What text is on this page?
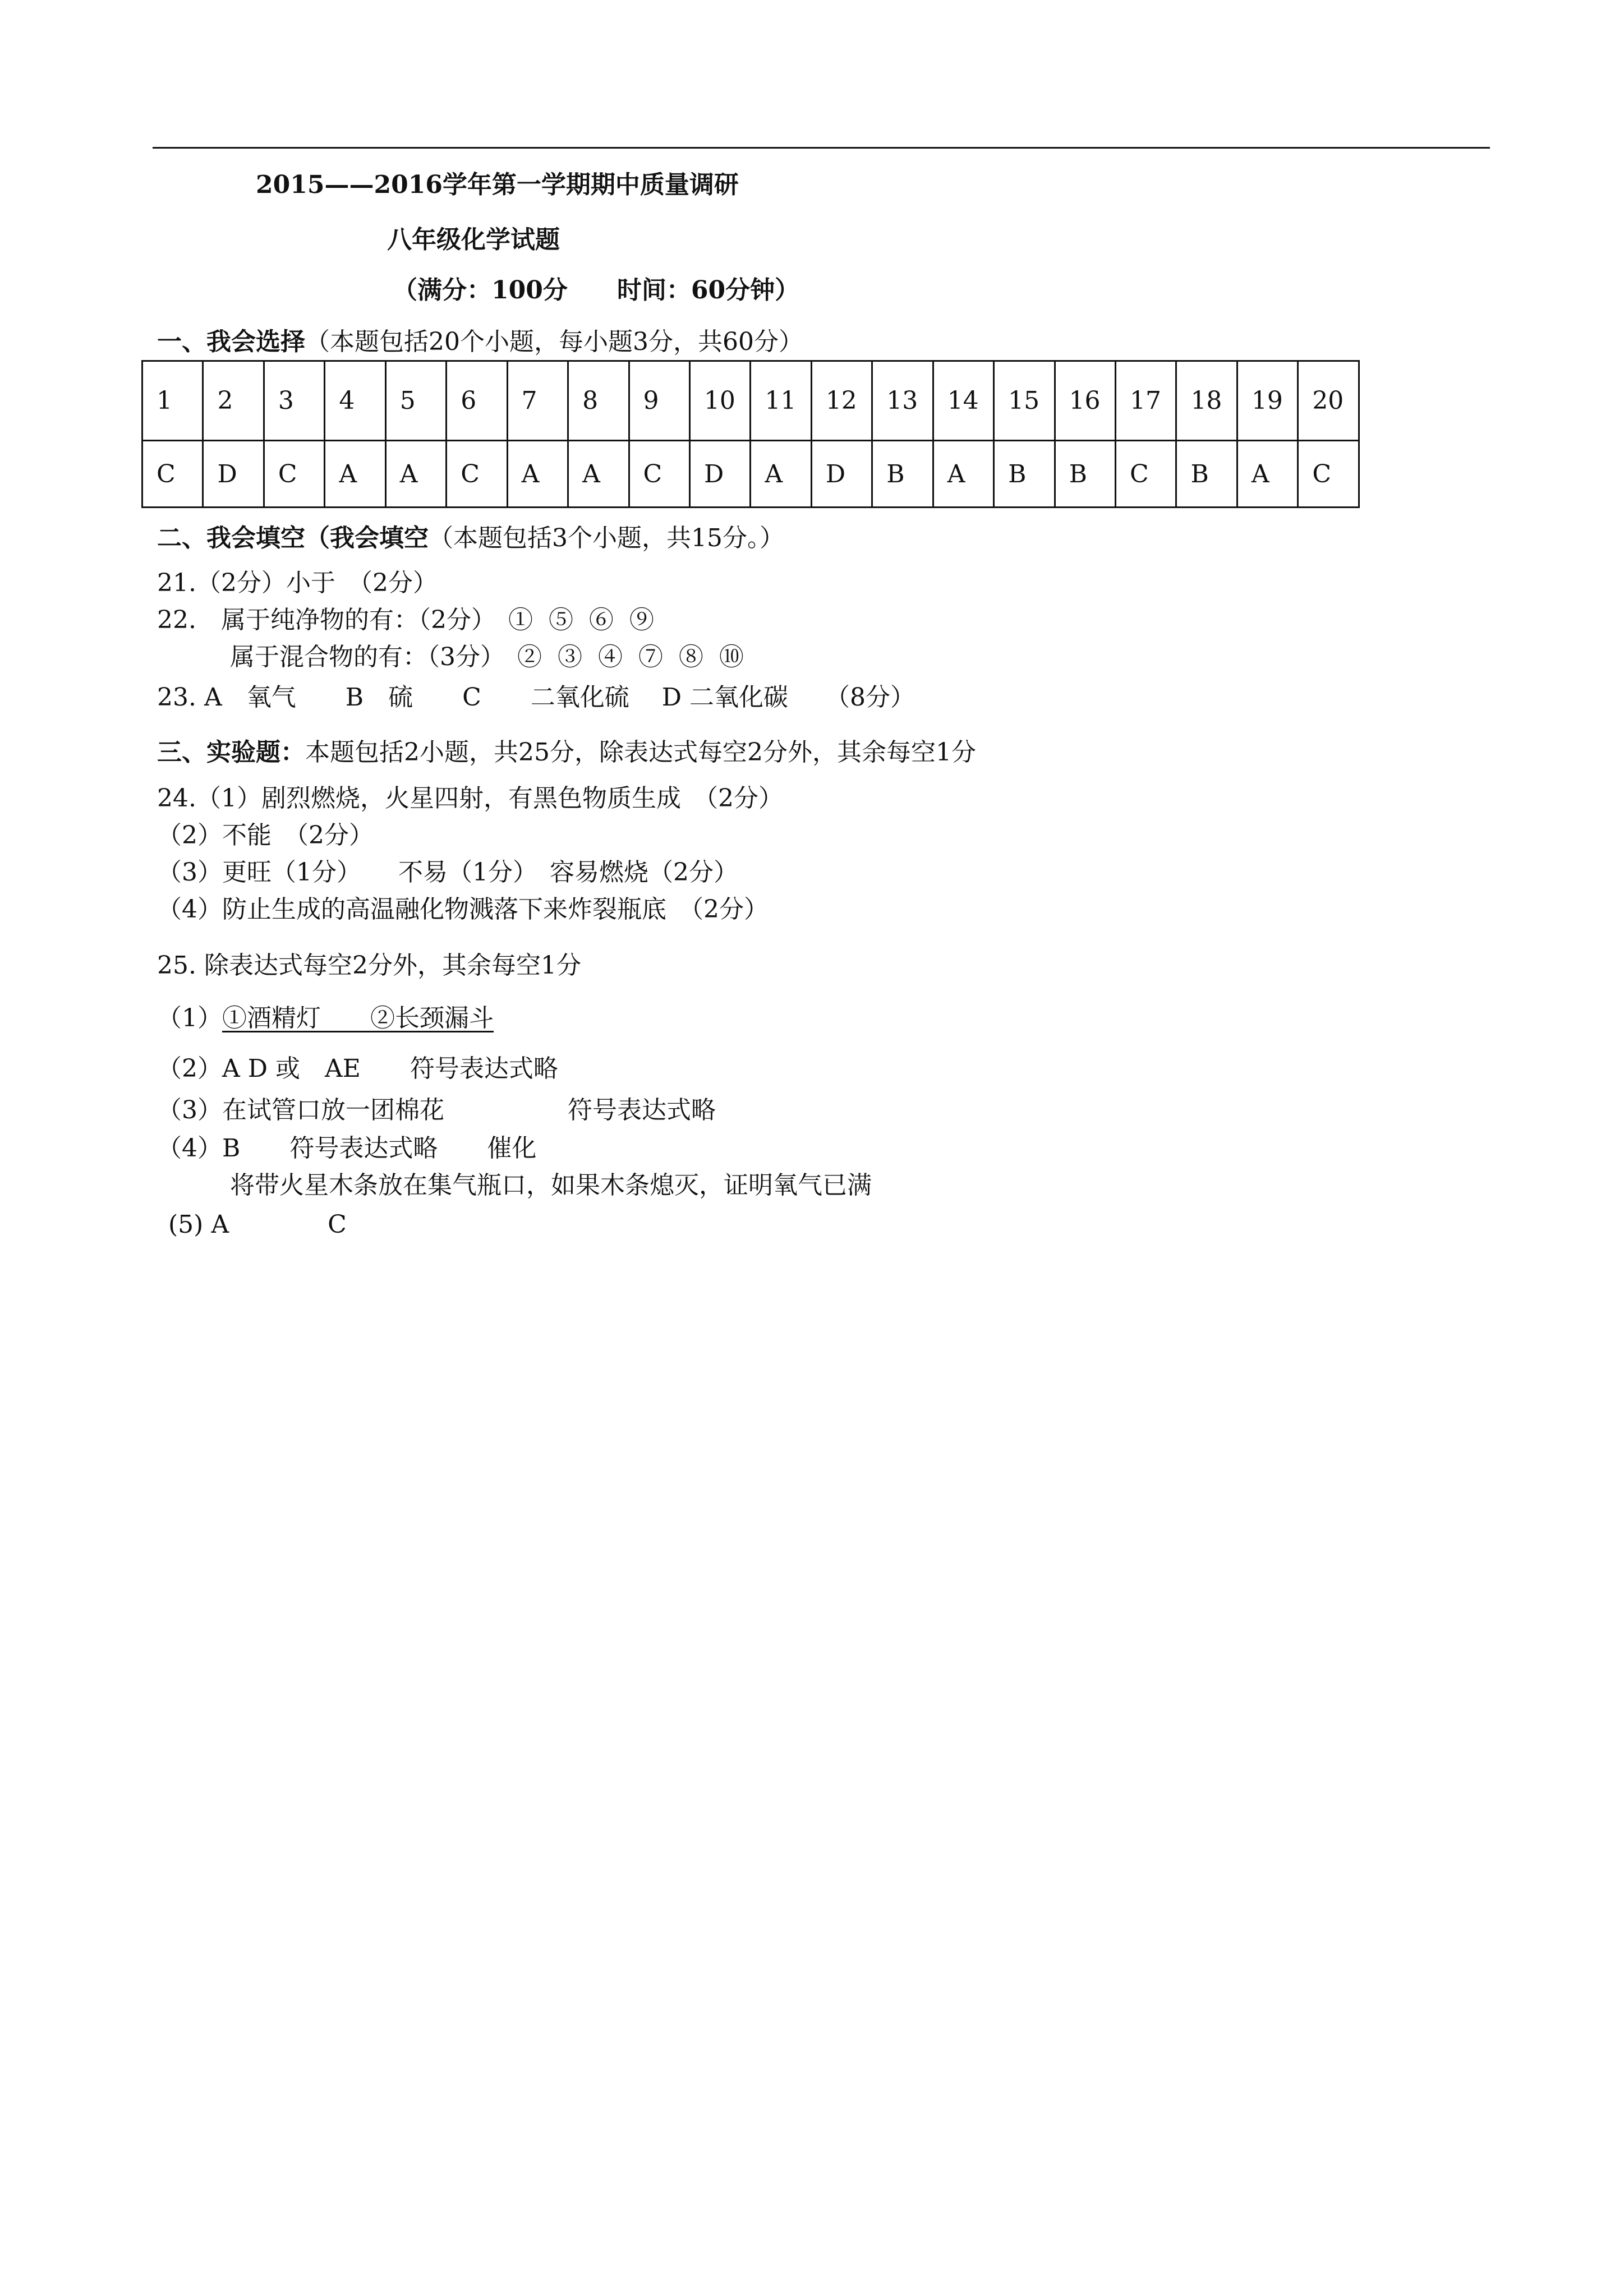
2015——2016学年第一学期期中质量调研
八年级化学试题
（满分：100分　　时间：60分钟）
一、我会选择（本题包括20个小题，每小题3分，共60分）
1	2	3	4	5	6	7	8	9	10	11	12	13	14	15	16	17	18	19	20
C	D	C	A	A	C	A	A	C	D	A	D	B	A	B	B	C	B	A	C
二、我会填空（我会填空（本题包括3个小题，共15分。）
21.（2分）小于　（2分）
22.　属于纯净物的有：（2分）　①  ⑤  ⑥  ⑨
属于混合物的有：（3分）　②  ③  ④  ⑦  ⑧  ⑩
23. A　氧气　　B　硫　　C　　二氧化硫　 D 二氧化碳　　（8分）
三、实验题：本题包括2小题，共25分，除表达式每空2分外，其余每空1分
24.（1）剧烈燃烧，火星四射，有黑色物质生成　（2分）
（2）不能　（2分）
（3）更旺（1分）　　不易（1分）　容易燃烧（2分）
（4）防止生成的高温融化物溅落下来炸裂瓶底　（2分）
25. 除表达式每空2分外，其余每空1分
（1）①酒精灯　　②长颈漏斗
（2）A D 或　AE　　符号表达式略
（3）在试管口放一团棉花　　　　　符号表达式略
（4）B　　符号表达式略　　催化
将带火星木条放在集气瓶口，如果木条熄灭，证明氧气已满
(5) A　　　　C
